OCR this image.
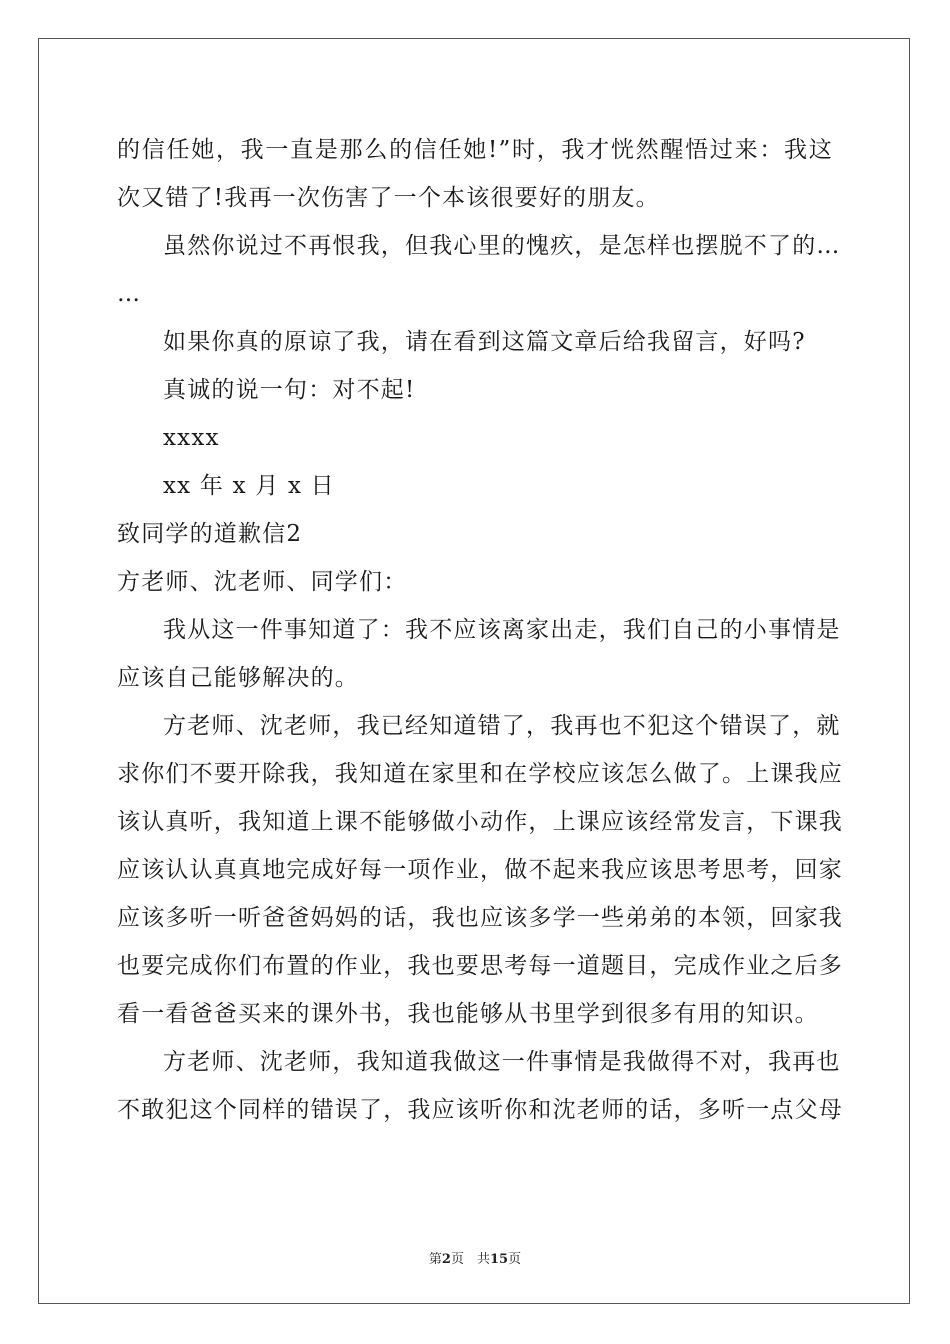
的信任她，我一直是那么的信任她!”时，我才恍然醒悟过来：我这
次又错了!我再一次伤害了一个本该很要好的朋友。
虽然你说过不再恨我，但我心里的愧疚，是怎样也摆脱不了的…
…
如果你真的原谅了我，请在看到这篇文章后给我留言，好吗?
真诚的说一句：对不起!
xxxx
xx 年 x 月 x 日
致同学的道歉信2
方老师、沈老师、同学们：
我从这一件事知道了：我不应该离家出走，我们自己的小事情是
应该自己能够解决的。
方老师、沈老师，我已经知道错了，我再也不犯这个错误了，就
求你们不要开除我，我知道在家里和在学校应该怎么做了。上课我应
该认真听，我知道上课不能够做小动作，上课应该经常发言，下课我
应该认认真真地完成好每一项作业，做不起来我应该思考思考，回家
应该多听一听爸爸妈妈的话，我也应该多学一些弟弟的本领，回家我
也要完成你们布置的作业，我也要思考每一道题目，完成作业之后多
看一看爸爸买来的课外书，我也能够从书里学到很多有用的知识。
方老师、沈老师，我知道我做这一件事情是我做得不对，我再也
不敢犯这个同样的错误了，我应该听你和沈老师的话，多听一点父母
第2页　共15页
